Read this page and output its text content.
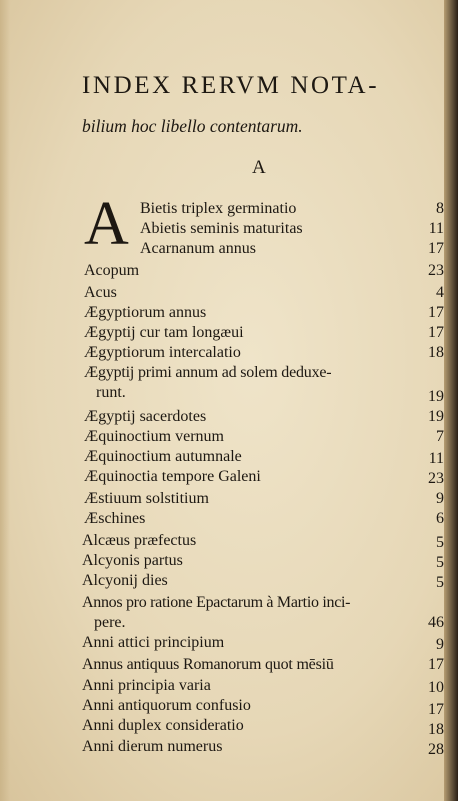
INDEX RERVM NOTA-
bilium hoc libello contentarum.
A
A Bietis triplex germinatio	8
Abietis seminis maturitas	11
Acarnanum annus	17
Acopum	23
Acus	4
Ægyptiorum annus	17
Ægyptij cur tam longæui	17
Ægyptiorum intercalatio	18
Ægyptij primi annum ad solem deduxe-
runt.	19
Ægyptij sacerdotes	19
Æquinoctium vernum	7
Æquinoctium autumnale	11
Æquinoctia tempore Galeni	23
Æstiuum solstitium	9
Æschines	6
Alcæus præfectus	5
Alcyonis partus	5
Alcyonij dies	5
Annos pro ratione Epactarum à Martio inci-
pere.	46
Anni attici principium	9
Annus antiquus Romanorum quot mēsiū	17
Anni principia varia	10
Anni antiquorum confusio	17
Anni duplex consideratio	18
Anni dierum numerus	28
